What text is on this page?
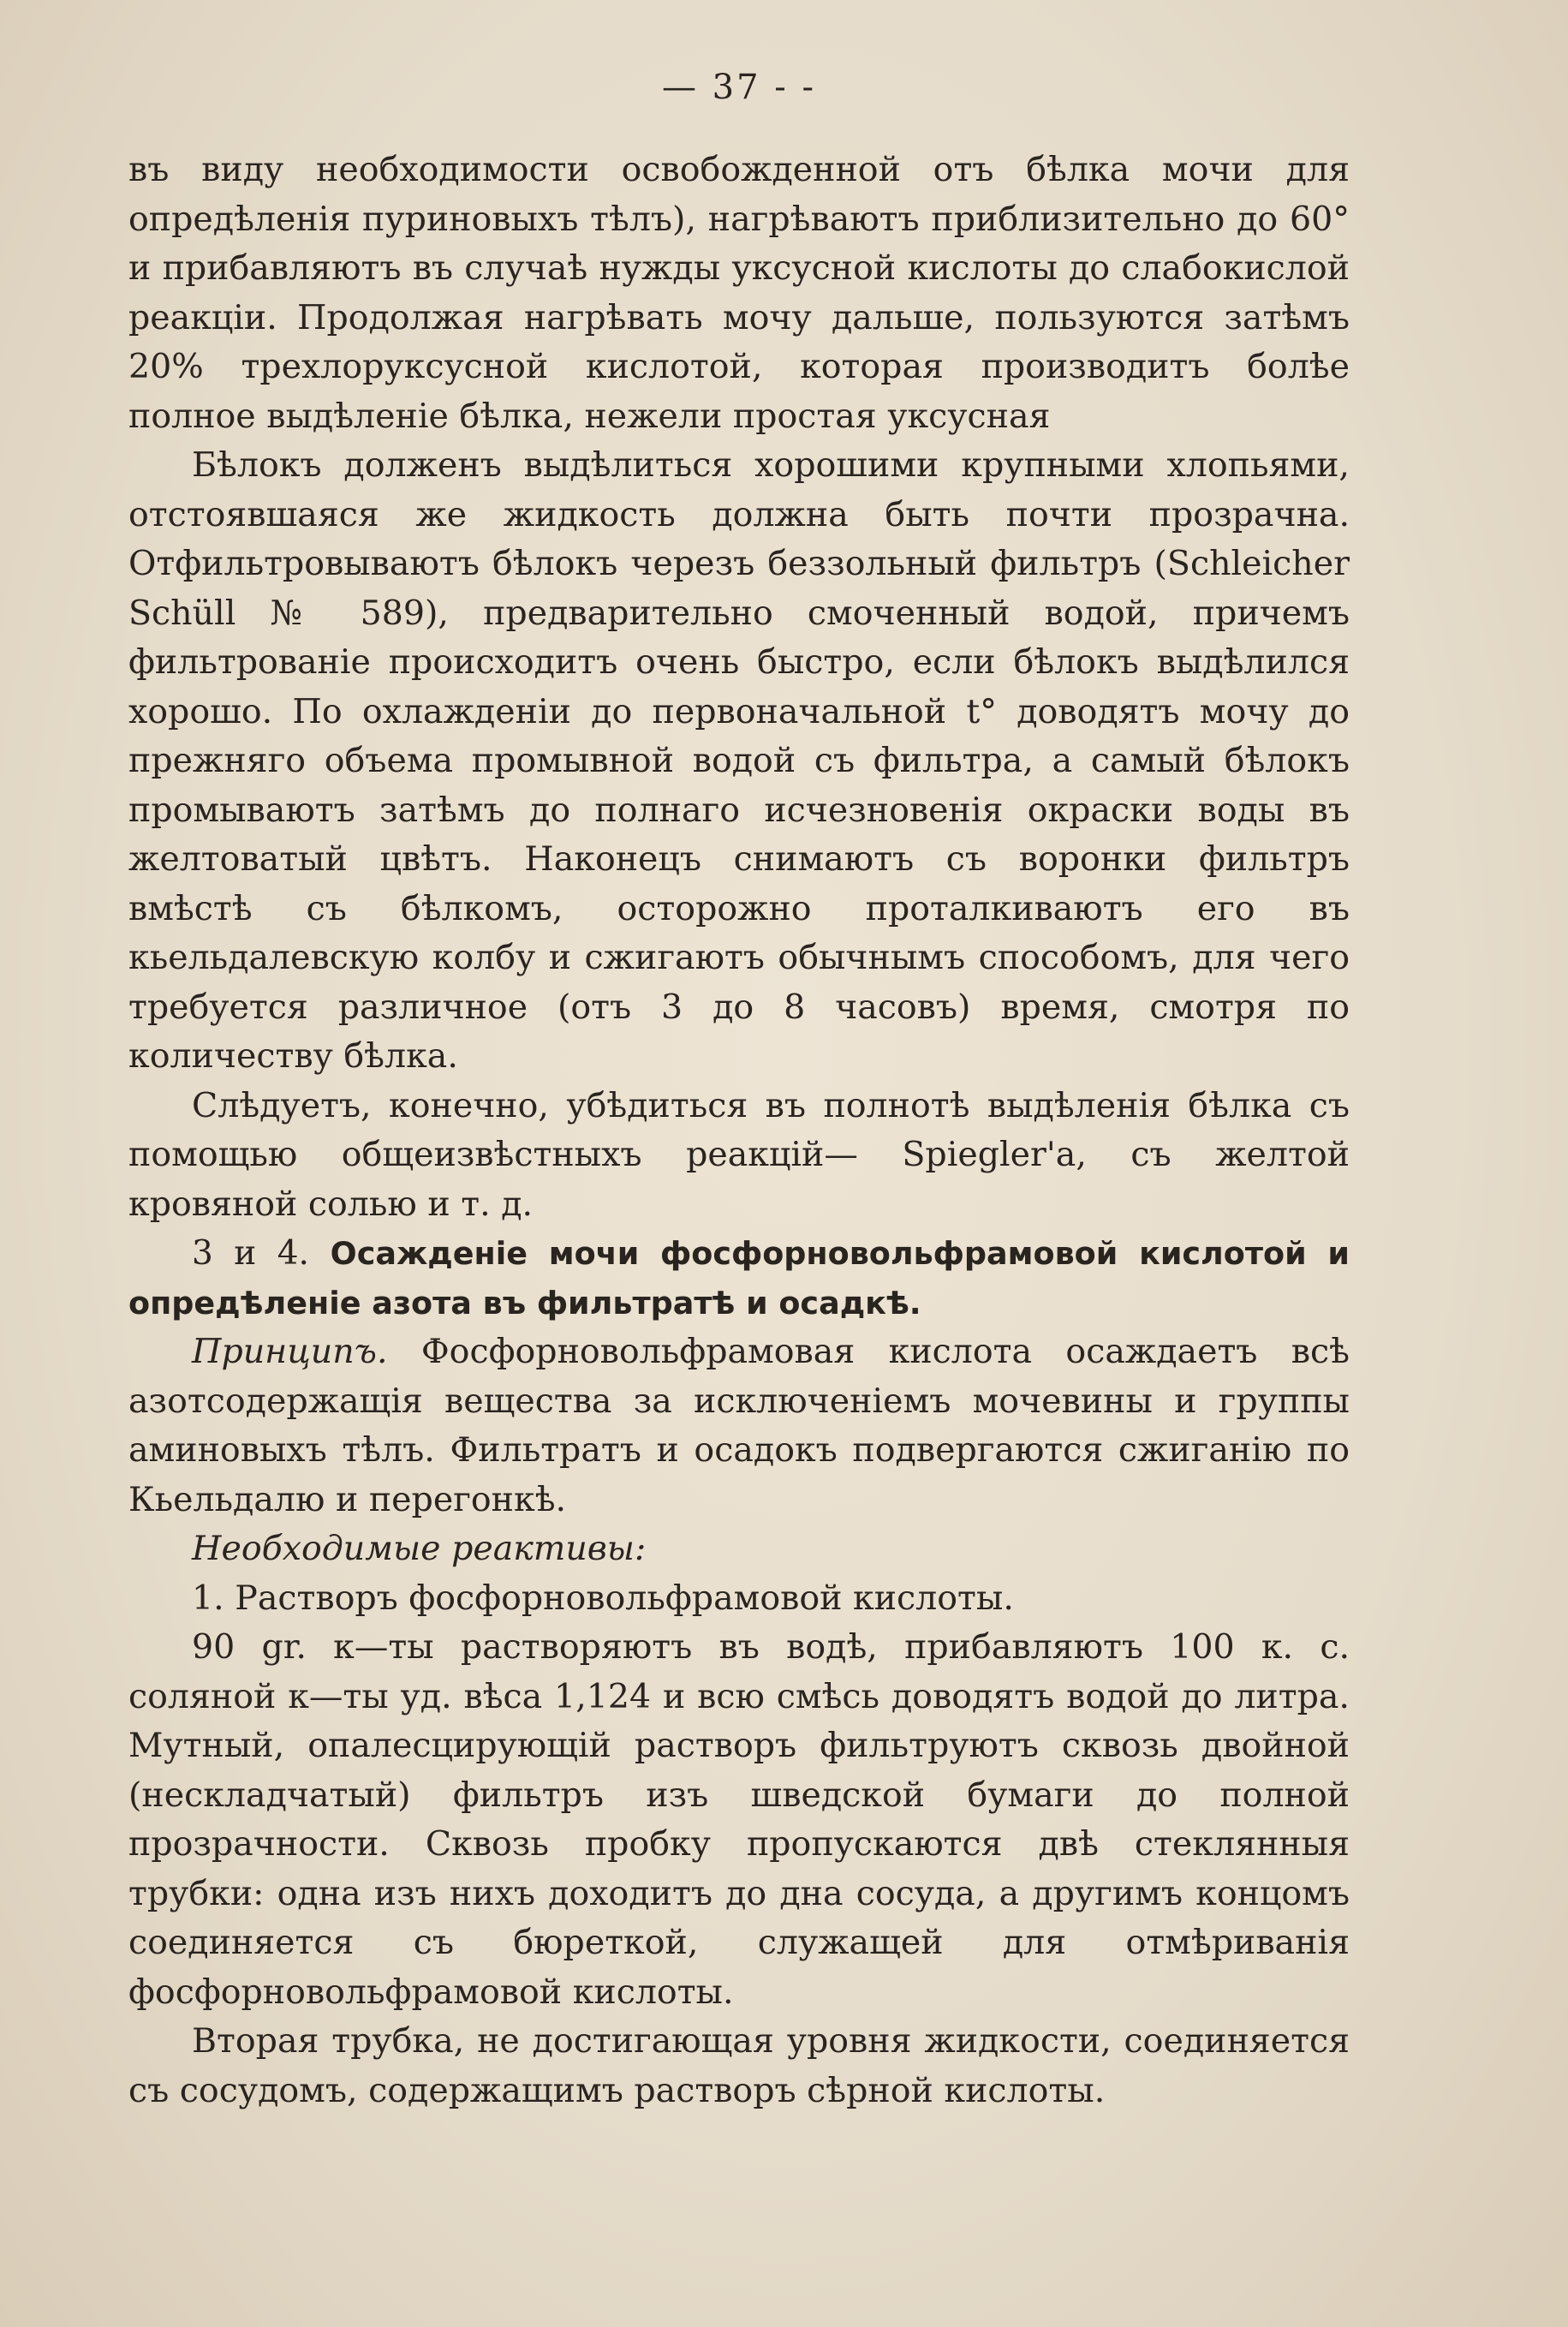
— 37 - -

въ виду необходимости освобожденной отъ бѣлка мочи для опредѣленія пуриновыхъ тѣлъ), нагрѣваютъ приблизительно до 60° и прибавляютъ въ случаѣ нужды уксусной кислоты до слабокислой реакціи. Продолжая нагрѣвать мочу дальше, пользуются затѣмъ 20% трехлоруксусной кислотой, которая производитъ болѣе полное выдѣленіе бѣлка, нежели простая уксусная

Бѣлокъ долженъ выдѣлиться хорошими крупными хлопьями, отстоявшаяся же жидкость должна быть почти прозрачна. Отфильтровываютъ бѣлокъ черезъ беззольный фильтръ (Schleicher Schüll № 589), предварительно смоченный водой, причемъ фильтрованіе происходитъ очень быстро, если бѣлокъ выдѣлился хорошо. По охлажденіи до первоначальной t° доводятъ мочу до прежняго объема промывной водой съ фильтра, а самый бѣлокъ промываютъ затѣмъ до полнаго исчезновенія окраски воды въ желтоватый цвѣтъ. Наконецъ снимаютъ съ воронки фильтръ вмѣстѣ съ бѣлкомъ, осторожно проталкиваютъ его въ кьельдалевскую колбу и сжигаютъ обычнымъ способомъ, для чего требуется различное (отъ 3 до 8 часовъ) время, смотря по количеству бѣлка.

Слѣдуетъ, конечно, убѣдиться въ полнотѣ выдѣленія бѣлка съ помощью общеизвѣстныхъ реакцій— Spiegler'a, съ желтой кровяной солью и т. д.

3 и 4. Осажденіе мочи фосфорновольфрамовой кислотой и опредѣленіе азота въ фильтратѣ и осадкѣ.

Принципъ. Фосфорновольфрамовая кислота осаждаетъ всѣ азотсодержащія вещества за исключеніемъ мочевины и группы аминовыхъ тѣлъ. Фильтратъ и осадокъ подвергаются сжиганію по Кьельдалю и перегонкѣ.

Необходимые реактивы:

1. Растворъ фосфорновольфрамовой кислоты.

90 gr. к—ты растворяютъ въ водѣ, прибавляютъ 100 к. с. соляной к—ты уд. вѣса 1,124 и всю смѣсь доводятъ водой до литра. Мутный, опалесцирующій растворъ фильтруютъ сквозь двойной (нескладчатый) фильтръ изъ шведской бумаги до полной прозрачности. Сквозь пробку пропускаются двѣ стеклянныя трубки: одна изъ нихъ доходитъ до дна сосуда, а другимъ концомъ соединяется съ бюреткой, служащей для отмѣриванія фосфорновольфрамовой кислоты.

Вторая трубка, не достигающая уровня жидкости, соединяется съ сосудомъ, содержащимъ растворъ сѣрной кислоты.
